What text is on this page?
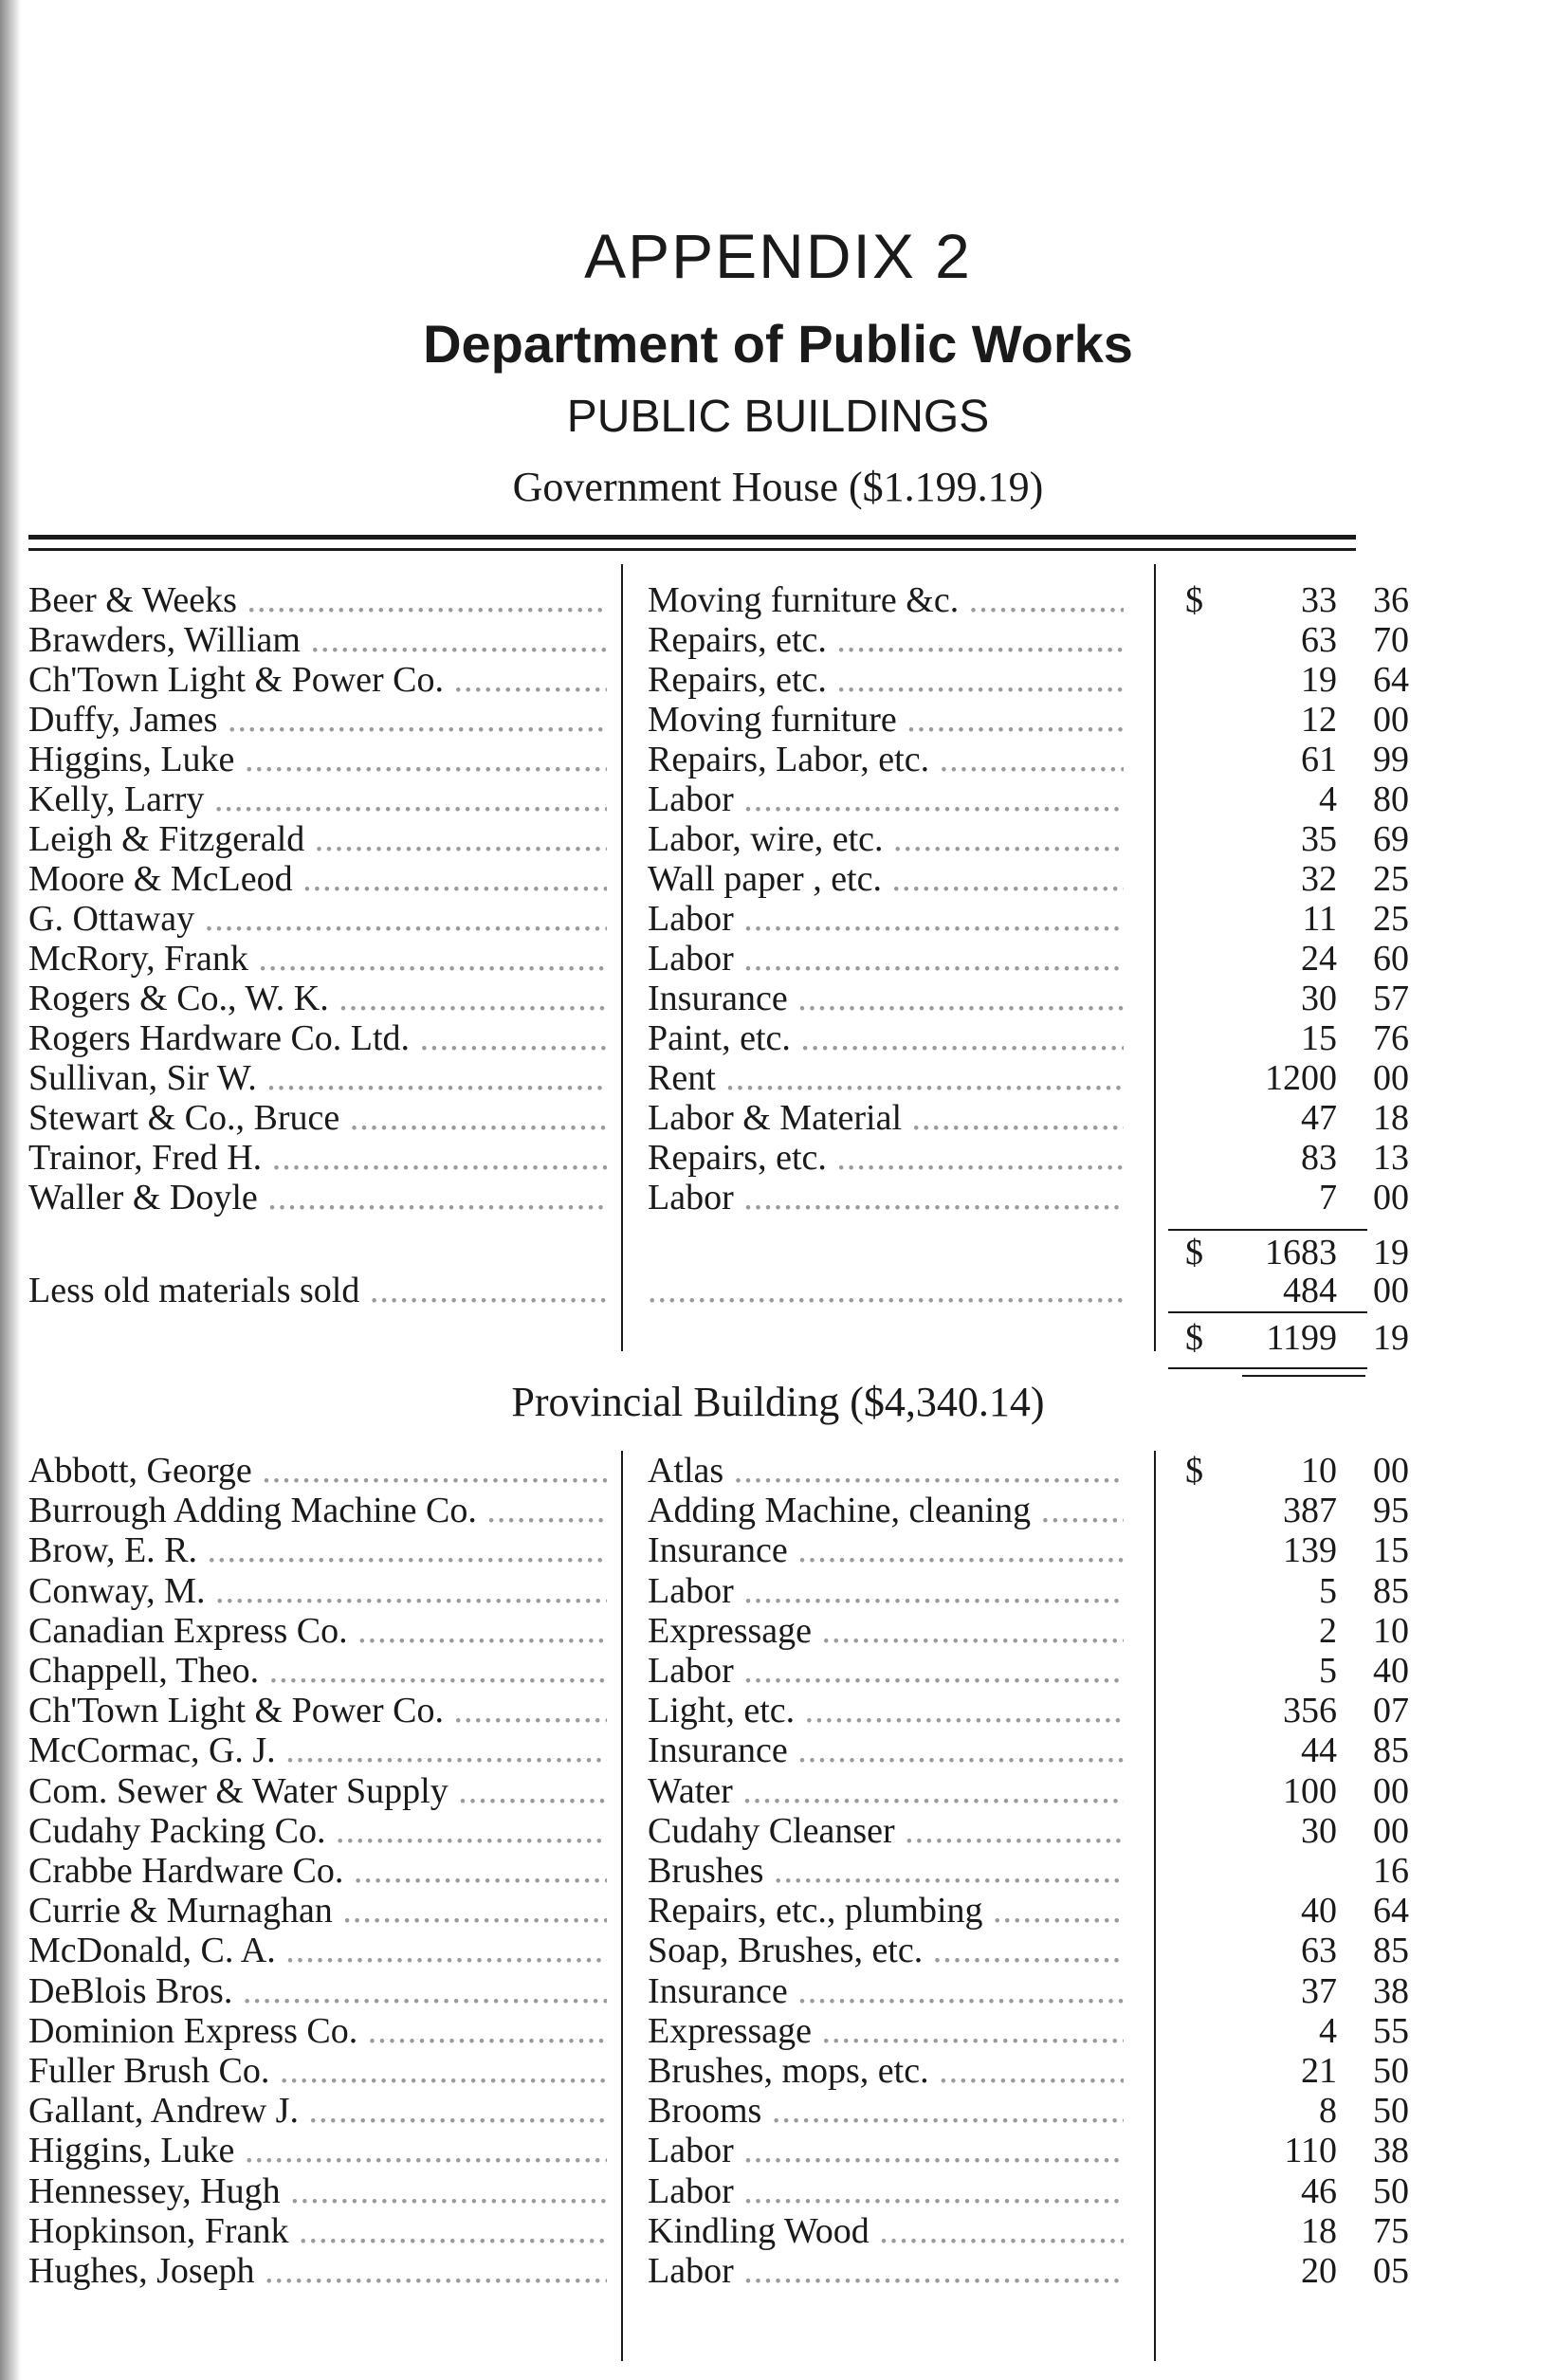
APPENDIX 2
Department of Public Works
PUBLIC BUILDINGS
Government House ($1.199.19)
Beer & Weeks .....	Moving furniture &c. .....	$	33	36
Brawders, William .....	Repairs, etc. .....	63	70
Ch'Town Light & Power Co. .....	Repairs, etc. .....	19	64
Duffy, James .....	Moving furniture .....	12	00
Higgins, Luke .....	Repairs, Labor, etc. .....	61	99
Kelly, Larry .....	Labor .....	4	80
Leigh & Fitzgerald .....	Labor, wire, etc. .....	35	69
Moore & McLeod .....	Wall paper , etc. .....	32	25
G. Ottaway .....	Labor .....	11	25
McRory, Frank .....	Labor .....	24	60
Rogers & Co., W. K. .....	Insurance .....	30	57
Rogers Hardware Co. Ltd. .....	Paint, etc. .....	15	76
Sullivan, Sir W. .....	Rent .....	1200	00
Stewart & Co., Bruce .....	Labor & Material .....	47	18
Trainor, Fred H. .....	Repairs, etc. .....	83	13
Waller & Doyle .....	Labor .....	7	00
$	1683	19
Less old materials sold .....
.....	484	00
$	1199	19
Provincial Building ($4,340.14)
Abbott, George .....	Atlas .....	$	10	00
Burrough Adding Machine Co. .....	Adding Machine, cleaning .....	387	95
Brow, E. R. .....	Insurance .....	139	15
Conway, M. .....	Labor .....	5	85
Canadian Express Co. .....	Expressage .....	2	10
Chappell, Theo. .....	Labor .....	5	40
Ch'Town Light & Power Co. .....	Light, etc. .....	356	07
McCormac, G. J. .....	Insurance .....	44	85
Com. Sewer & Water Supply .....	Water .....	100	00
Cudahy Packing Co. .....	Cudahy Cleanser .....	30	00
Crabbe Hardware Co. .....	Brushes .....	16
Currie & Murnaghan .....	Repairs, etc., plumbing .....	40	64
McDonald, C. A. .....	Soap, Brushes, etc. .....	63	85
DeBlois Bros. .....	Insurance .....	37	38
Dominion Express Co. .....	Expressage .....	4	55
Fuller Brush Co. .....	Brushes, mops, etc. .....	21	50
Gallant, Andrew J. .....	Brooms .....	8	50
Higgins, Luke .....	Labor .....	110	38
Hennessey, Hugh .....	Labor .....	46	50
Hopkinson, Frank .....	Kindling Wood .....	18	75
Hughes, Joseph .....	Labor .....	20	05
